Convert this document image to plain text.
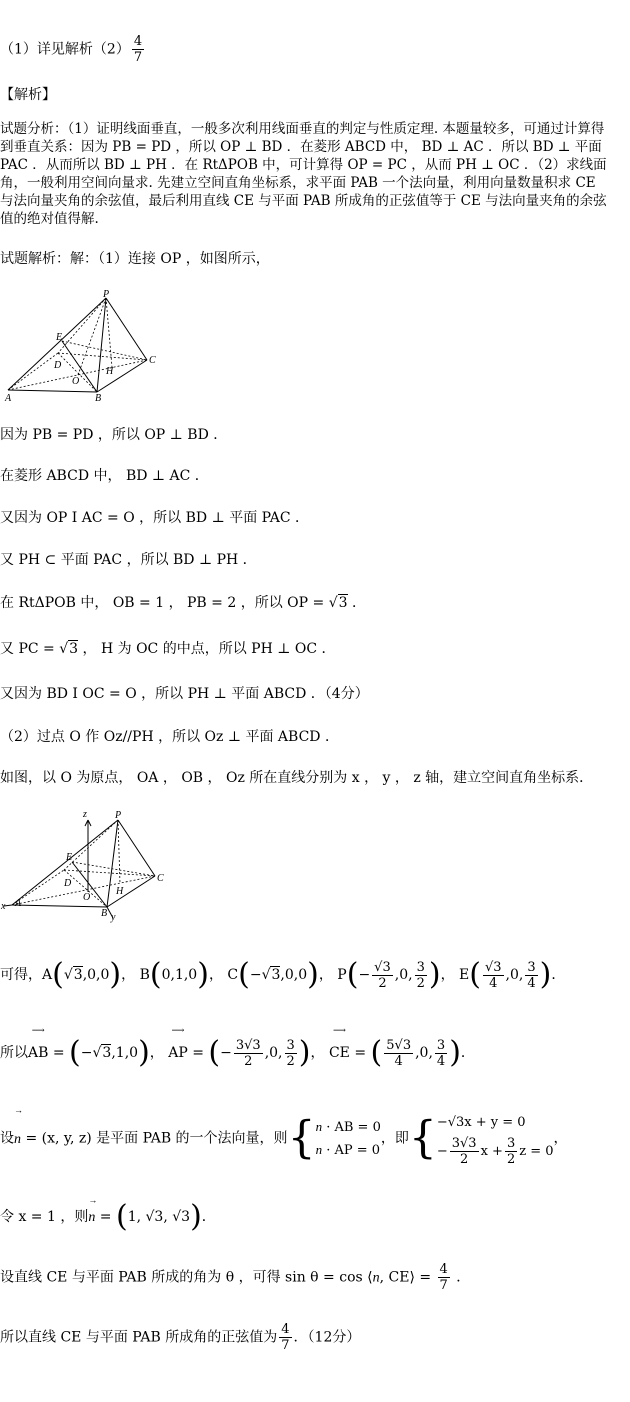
（1）详见解析$(2) \frac{4}{7}$
【解析】
试题分析：（1）证明线面垂直，一般多次利用线面垂直的判定与性质定理. 本题量较多，可通过计算得
到垂直关系：因为 PB = PD ，所以 OP ⊥ BD ．在菱形 ABCD 中， BD ⊥ AC ．所以 BD ⊥ 平面
PAC ．从而所以 BD ⊥ PH ．在 RtΔPOB 中，可计算得 OP = PC ，从而 PH ⊥ OC ．（2）求线面
角，一般利用空间向量求. 先建立空间直角坐标系，求平面 PAB 一个法向量，利用向量数量积求 CE
与法向量夹角的余弦值，最后利用直线 CE 与平面 PAB 所成角的正弦值等于 CE 与法向量夹角的余弦
值的绝对值得解.
试题解析：解：（1）连接 OP ，如图所示，
P
E
D
O
H
C
A	B
因为 PB = PD ，所以 OP ⊥ BD ．
在菱形 ABCD 中， BD ⊥ AC ．
又因为 OP I AC = O ，所以 BD ⊥ 平面 PAC ．
又 PH ⊂ 平面 PAC ，所以 BD ⊥ PH ．
在 RtΔPOB 中， OB = 1 ， PB = 2 ，所以 OP = √3 ．
又 PC = √3 ， H 为 OC 的中点，所以 PH ⊥ OC ．
又因为 BD I OC = O ，所以 PH ⊥ 平面 ABCD ．（4分）
（2）过点 O 作 Oz//PH ，所以 Oz ⊥ 平面 ABCD ．
如图，以 O 为原点， OA ， OB ， Oz 所在直线分别为 x ， y ， z 轴，建立空间直角坐标系．
z	P
E
D
O
H
C
A
B
x
y
可得，A(√3,0,0)， B(0,1,0)， C(−√3,0,0)， $P(- \frac{√3}{2} ,0$, $\frac{3}{2}$ )， $E( \frac{√3}{4} ,0$, $\frac{3}{4}$ )．
所以
⟶
AB = (−√3,1,0)，
⟶
AP = (− $\frac{3√3}{2} ,0$, $\frac{3}{2}$ )，
⟶
CE = ( $\frac{5√3}{4} ,0$, $\frac{3}{4}$ )．
设
→
n = (x, y, z) 是平面 PAB 的一个法向量，则{n · AB = 0
n · AP = 0，即{−√3x + y = 0
− $\frac{3√3}{2}$ $x + \frac{3}{2}$ z = 0，
令 x = 1 ，则
→
n = (1, √3, √3)．
设直线 CE 与平面 PAB 所成的角为 θ ，可得 sin θ = cos ⟨n, CE⟩ = $\frac{4}{7}$ ．
所以直线 CE 与平面 PAB 所成角的正弦值为 $\frac{4}{7}$ ．（12分）
